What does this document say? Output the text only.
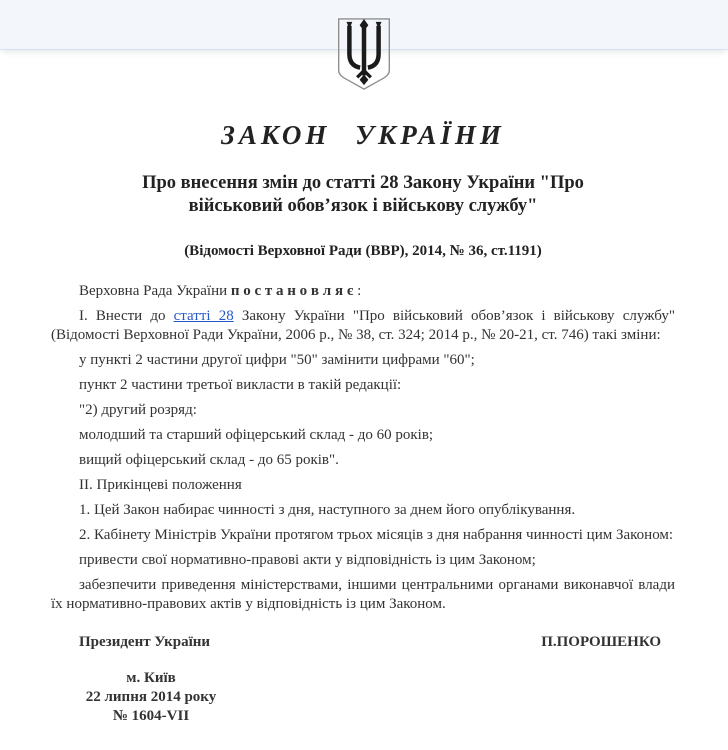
ЗАКОН УКРАЇНИ
Про внесення змін до статті 28 Закону України "Про військовий обов’язок і військову службу"

(Відомості Верховної Ради (ВВР), 2014, № 36, ст.1191)

Верховна Рада України п о с т а н о в л я є :

І. Внести до статті 28 Закону України "Про військовий обов’язок і військову службу" (Відомості Верховної Ради України, 2006 р., № 38, ст. 324; 2014 р., № 20-21, ст. 746) такі зміни:

у пункті 2 частини другої цифри "50" замінити цифрами "60";

пункт 2 частини третьої викласти в такій редакції:

"2) другий розряд:

молодший та старший офіцерський склад - до 60 років;

вищий офіцерський склад - до 65 років".

ІІ. Прикінцеві положення

1. Цей Закон набирає чинності з дня, наступного за днем його опублікування.

2. Кабінету Міністрів України протягом трьох місяців з дня набрання чинності цим Законом:

привести свої нормативно-правові акти у відповідність із цим Законом;

забезпечити приведення міністерствами, іншими центральними органами виконавчої влади їх нормативно-правових актів у відповідність із цим Законом.

Президент України	П.ПОРОШЕНКО
м. Київ
22 липня 2014 року
№ 1604-VII
